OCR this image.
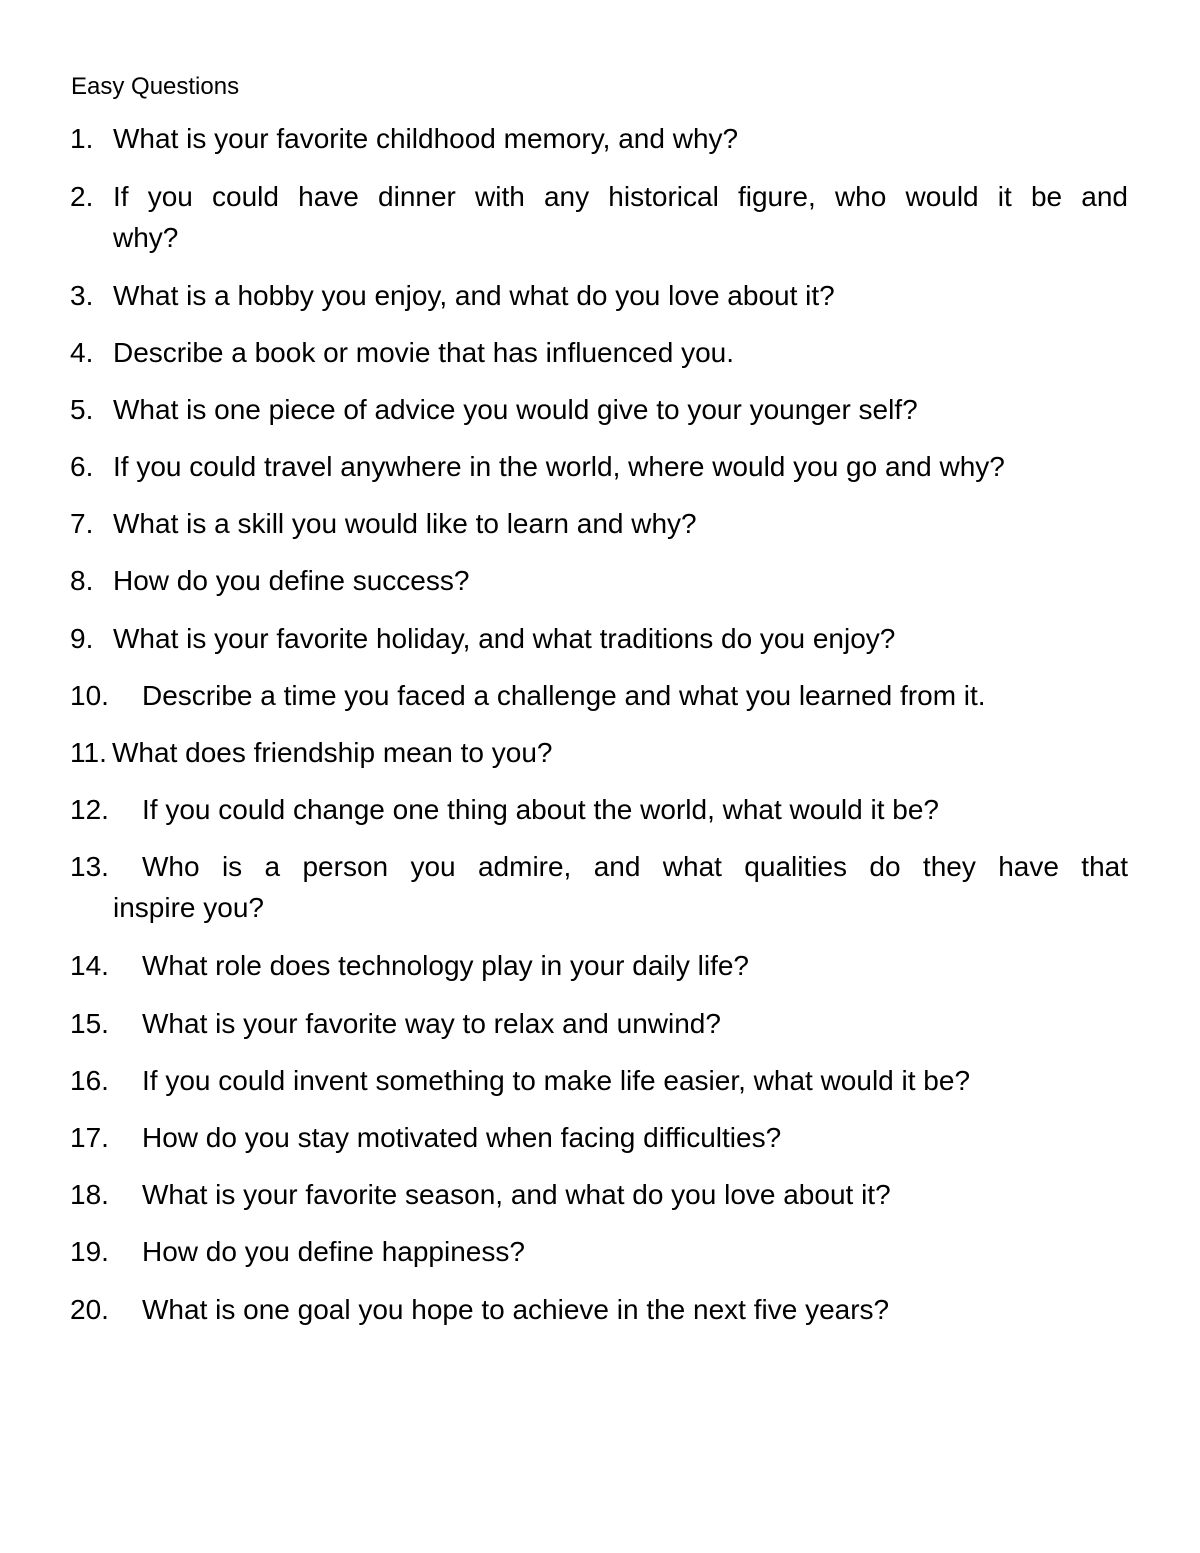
Easy Questions
1. What is your favorite childhood memory, and why?
2. If you could have dinner with any historical figure, who would it be and
why?
3. What is a hobby you enjoy, and what do you love about it?
4. Describe a book or movie that has influenced you.
5. What is one piece of advice you would give to your younger self?
6. If you could travel anywhere in the world, where would you go and why?
7. What is a skill you would like to learn and why?
8. How do you define success?
9. What is your favorite holiday, and what traditions do you enjoy?
10. Describe a time you faced a challenge and what you learned from it.
11. What does friendship mean to you?
12. If you could change one thing about the world, what would it be?
13. Who is a person you admire, and what qualities do they have that
inspire you?
14. What role does technology play in your daily life?
15. What is your favorite way to relax and unwind?
16. If you could invent something to make life easier, what would it be?
17. How do you stay motivated when facing difficulties?
18. What is your favorite season, and what do you love about it?
19. How do you define happiness?
20. What is one goal you hope to achieve in the next five years?
